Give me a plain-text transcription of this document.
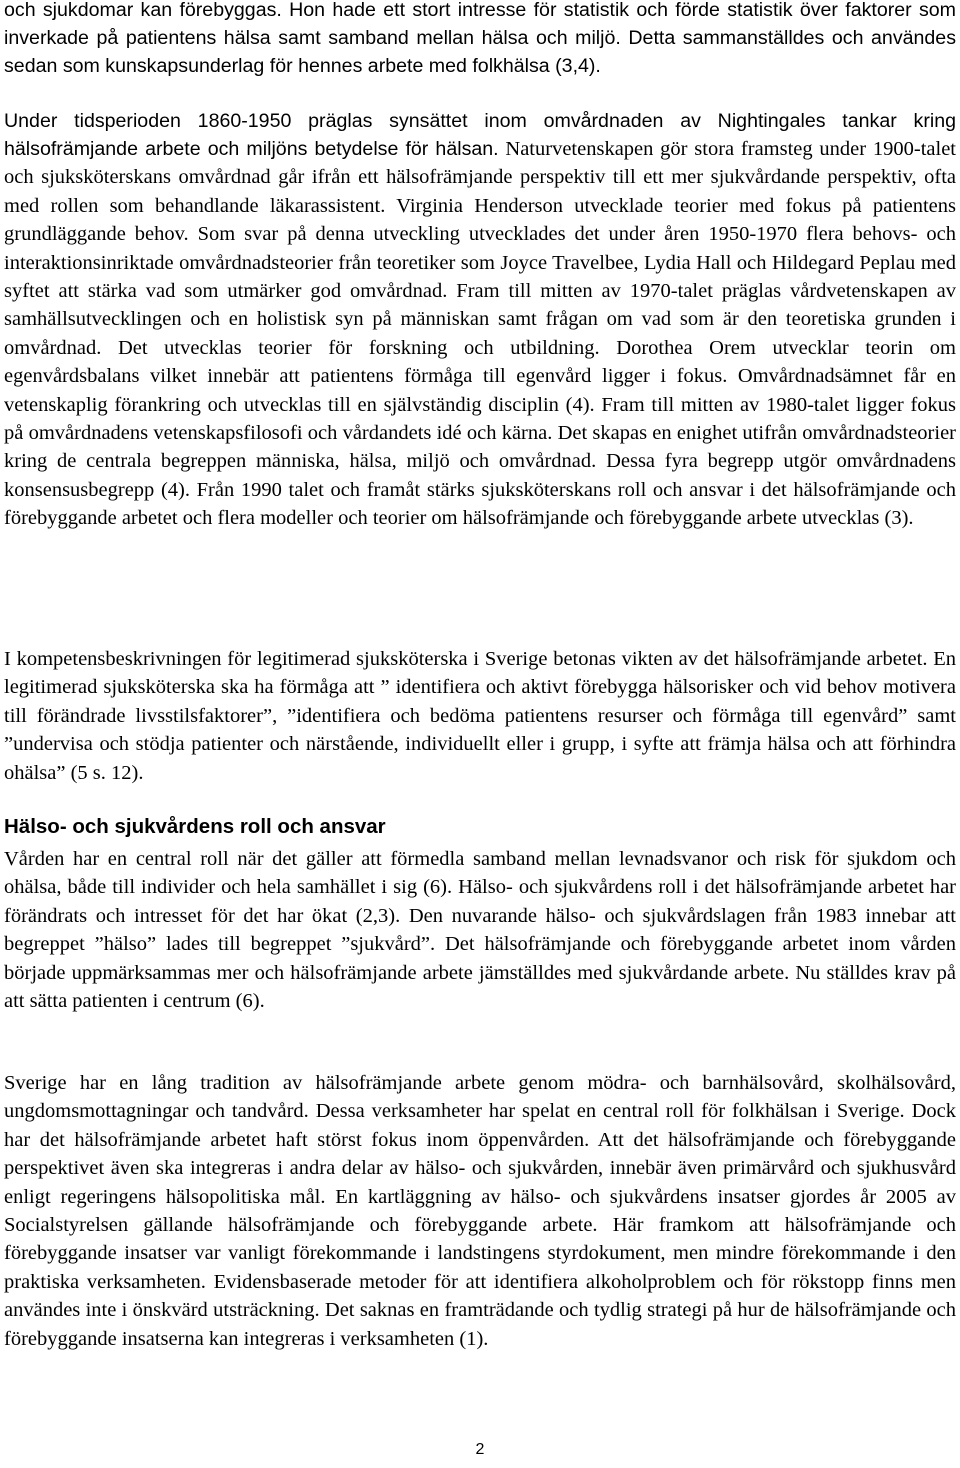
och sjukdomar kan förebyggas. Hon hade ett stort intresse för statistik och förde statistik över faktorer som inverkade på patientens hälsa samt samband mellan hälsa och miljö. Detta sammanställdes och användes sedan som kunskapsunderlag för hennes arbete med folkhälsa (3,4).

Under tidsperioden 1860-1950 präglas synsättet inom omvårdnaden av Nightingales tankar kring hälsofrämjande arbete och miljöns betydelse för hälsan. Naturvetenskapen gör stora framsteg under 1900-talet och sjuksköterskans omvårdnad går ifrån ett hälsofrämjande perspektiv till ett mer sjukvårdande perspektiv, ofta med rollen som behandlande läkarassistent. Virginia Henderson utvecklade teorier med fokus på patientens grundläggande behov. Som svar på denna utveckling utvecklades det under åren 1950-1970 flera behovs- och interaktionsinriktade omvårdnadsteorier från teoretiker som Joyce Travelbee, Lydia Hall och Hildegard Peplau med syftet att stärka vad som utmärker god omvårdnad. Fram till mitten av 1970-talet präglas vårdvetenskapen av samhällsutvecklingen och en holistisk syn på människan samt frågan om vad som är den teoretiska grunden i omvårdnad. Det utvecklas teorier för forskning och utbildning. Dorothea Orem utvecklar teorin om egenvårdsbalans vilket innebär att patientens förmåga till egenvård ligger i fokus. Omvårdnadsämnet får en vetenskaplig förankring och utvecklas till en självständig disciplin (4). Fram till mitten av 1980-talet ligger fokus på omvårdnadens vetenskapsfilosofi och vårdandets idé och kärna. Det skapas en enighet utifrån omvårdnadsteorier kring de centrala begreppen människa, hälsa, miljö och omvårdnad. Dessa fyra begrepp utgör omvårdnadens konsensusbegrepp (4). Från 1990 talet och framåt stärks sjuksköterskans roll och ansvar i det hälsofrämjande och förebyggande arbetet och flera modeller och teorier om hälsofrämjande och förebyggande arbete utvecklas (3).

I kompetensbeskrivningen för legitimerad sjuksköterska i Sverige betonas vikten av det hälsofrämjande arbetet. En legitimerad sjuksköterska ska ha förmåga att ” identifiera och aktivt förebygga hälsorisker och vid behov motivera till förändrade livsstilsfaktorer”, ”identifiera och bedöma patientens resurser och förmåga till egenvård” samt ”undervisa och stödja patienter och närstående, individuellt eller i grupp, i syfte att främja hälsa och att förhindra ohälsa” (5 s. 12).

Hälso- och sjukvårdens roll och ansvar

Vården har en central roll när det gäller att förmedla samband mellan levnadsvanor och risk för sjukdom och ohälsa, både till individer och hela samhället i sig (6). Hälso- och sjukvårdens roll i det hälsofrämjande arbetet har förändrats och intresset för det har ökat (2,3). Den nuvarande hälso- och sjukvårdslagen från 1983 innebar att begreppet ”hälso” lades till begreppet ”sjukvård”. Det hälsofrämjande och förebyggande arbetet inom vården började uppmärksammas mer och hälsofrämjande arbete jämställdes med sjukvårdande arbete. Nu ställdes krav på att sätta patienten i centrum (6).

Sverige har en lång tradition av hälsofrämjande arbete genom mödra- och barnhälsovård, skolhälsovård, ungdomsmottagningar och tandvård. Dessa verksamheter har spelat en central roll för folkhälsan i Sverige. Dock har det hälsofrämjande arbetet haft störst fokus inom öppenvården. Att det hälsofrämjande och förebyggande perspektivet även ska integreras i andra delar av hälso- och sjukvården, innebär även primärvård och sjukhusvård enligt regeringens hälsopolitiska mål. En kartläggning av hälso- och sjukvårdens insatser gjordes år 2005 av Socialstyrelsen gällande hälsofrämjande och förebyggande arbete. Här framkom att hälsofrämjande och förebyggande insatser var vanligt förekommande i landstingens styrdokument, men mindre förekommande i den praktiska verksamheten. Evidensbaserade metoder för att identifiera alkoholproblem och för rökstopp finns men användes inte i önskvärd utsträckning. Det saknas en framträdande och tydlig strategi på hur de hälsofrämjande och förebyggande insatserna kan integreras i verksamheten (1).

2
